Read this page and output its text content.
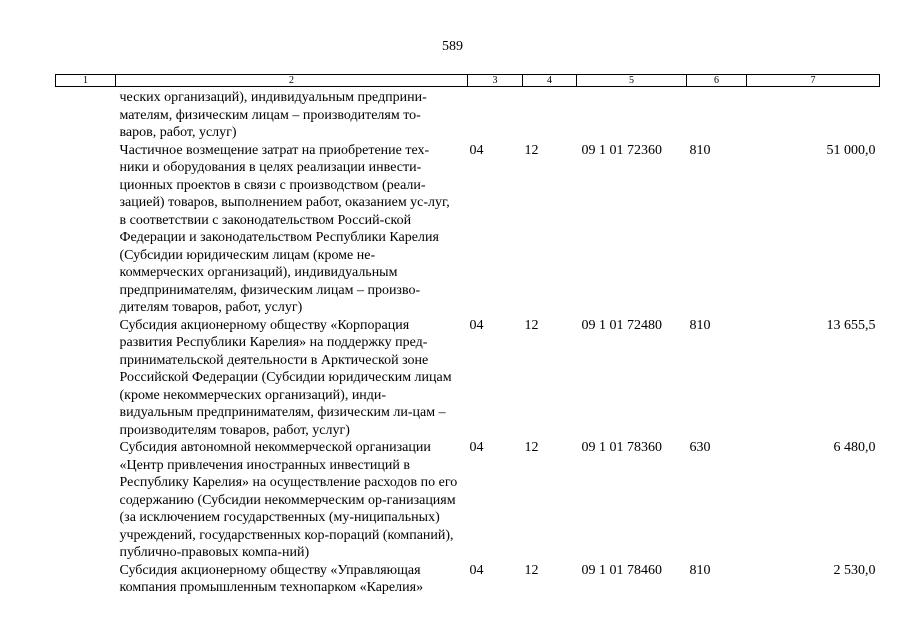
589
1	2	3	4	5	6	7
	ческих организаций), индивидуальным предприни-мателям, физическим лицам – производителям то-варов, работ, услуг)					
	Частичное возмещение затрат на приобретение тех-ники и оборудования в целях реализации инвести-ционных проектов в связи с производством (реали-зацией) товаров, выполнением работ, оказанием ус-луг, в соответствии с законодательством Россий-ской Федерации и законодательством Республики Карелия (Субсидии юридическим лицам (кроме не-коммерческих организаций), индивидуальным предпринимателям, физическим лицам – произво-дителям товаров, работ, услуг)	04	12	09 1 01 72360	810	51 000,0
	Субсидия акционерному обществу «Корпорация развития Республики Карелия» на поддержку пред-принимательской деятельности в Арктической зоне Российской Федерации (Субсидии юридическим лицам (кроме некоммерческих организаций), инди-видуальным предпринимателям, физическим ли-цам – производителям товаров, работ, услуг)	04	12	09 1 01 72480	810	13 655,5
	Субсидия автономной некоммерческой организации «Центр привлечения иностранных инвестиций в Республику Карелия» на осуществление расходов по его содержанию (Субсидии некоммерческим ор-ганизациям (за исключением государственных (му-ниципальных) учреждений, государственных кор-пораций (компаний), публично-правовых компа-ний)	04	12	09 1 01 78360	630	6 480,0
	Субсидия акционерному обществу «Управляющая компания промышленным технопарком «Карелия»	04	12	09 1 01 78460	810	2 530,0
